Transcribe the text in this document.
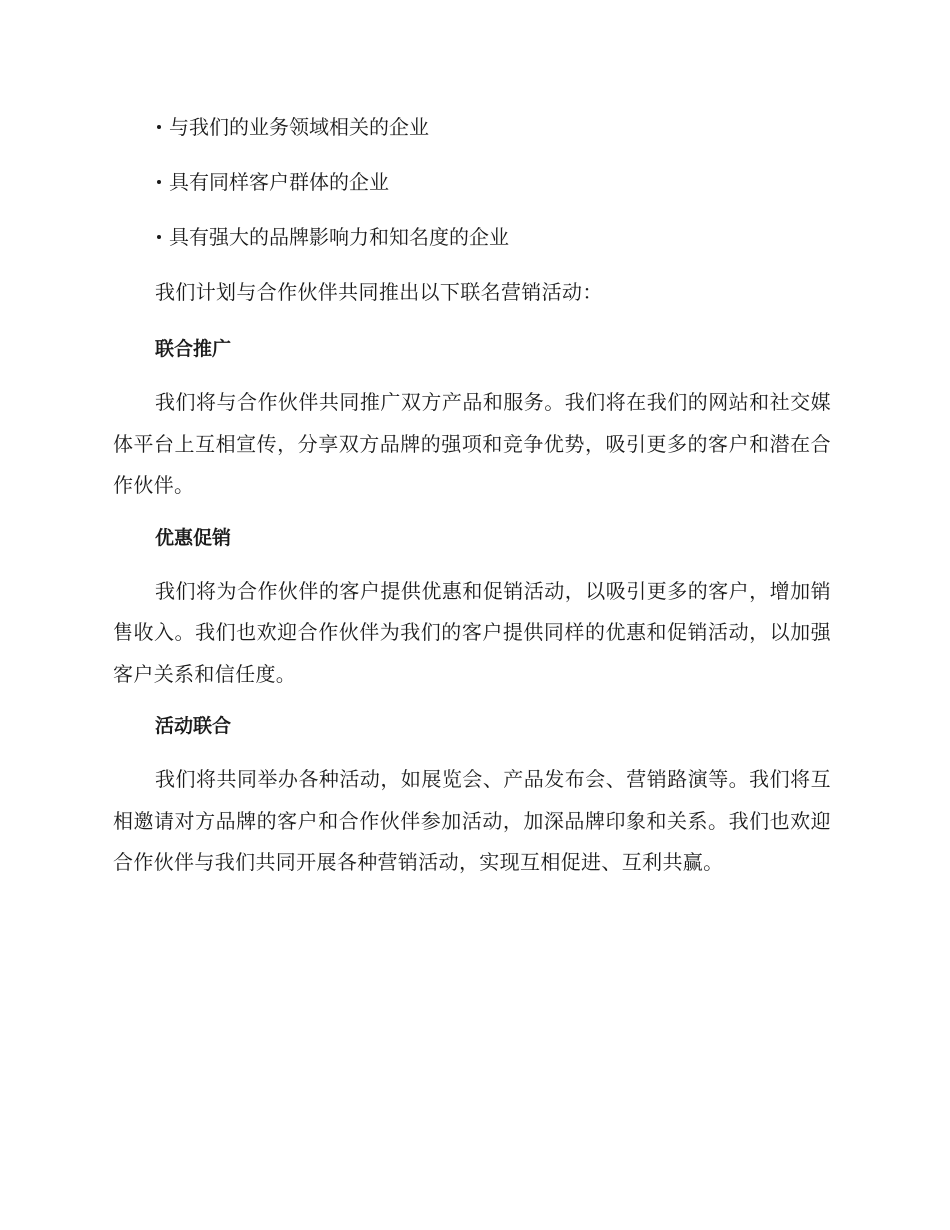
与我们的业务领域相关的企业
具有同样客户群体的企业
具有强大的品牌影响力和知名度的企业

我们计划与合作伙伴共同推出以下联名营销活动：

联合推广

我们将与合作伙伴共同推广双方产品和服务。我们将在我们的网站和社交媒体平台上互相宣传，分享双方品牌的强项和竞争优势，吸引更多的客户和潜在合作伙伴。

优惠促销

我们将为合作伙伴的客户提供优惠和促销活动，以吸引更多的客户，增加销售收入。我们也欢迎合作伙伴为我们的客户提供同样的优惠和促销活动，以加强客户关系和信任度。

活动联合

我们将共同举办各种活动，如展览会、产品发布会、营销路演等。我们将互相邀请对方品牌的客户和合作伙伴参加活动，加深品牌印象和关系。我们也欢迎合作伙伴与我们共同开展各种营销活动，实现互相促进、互利共赢。
